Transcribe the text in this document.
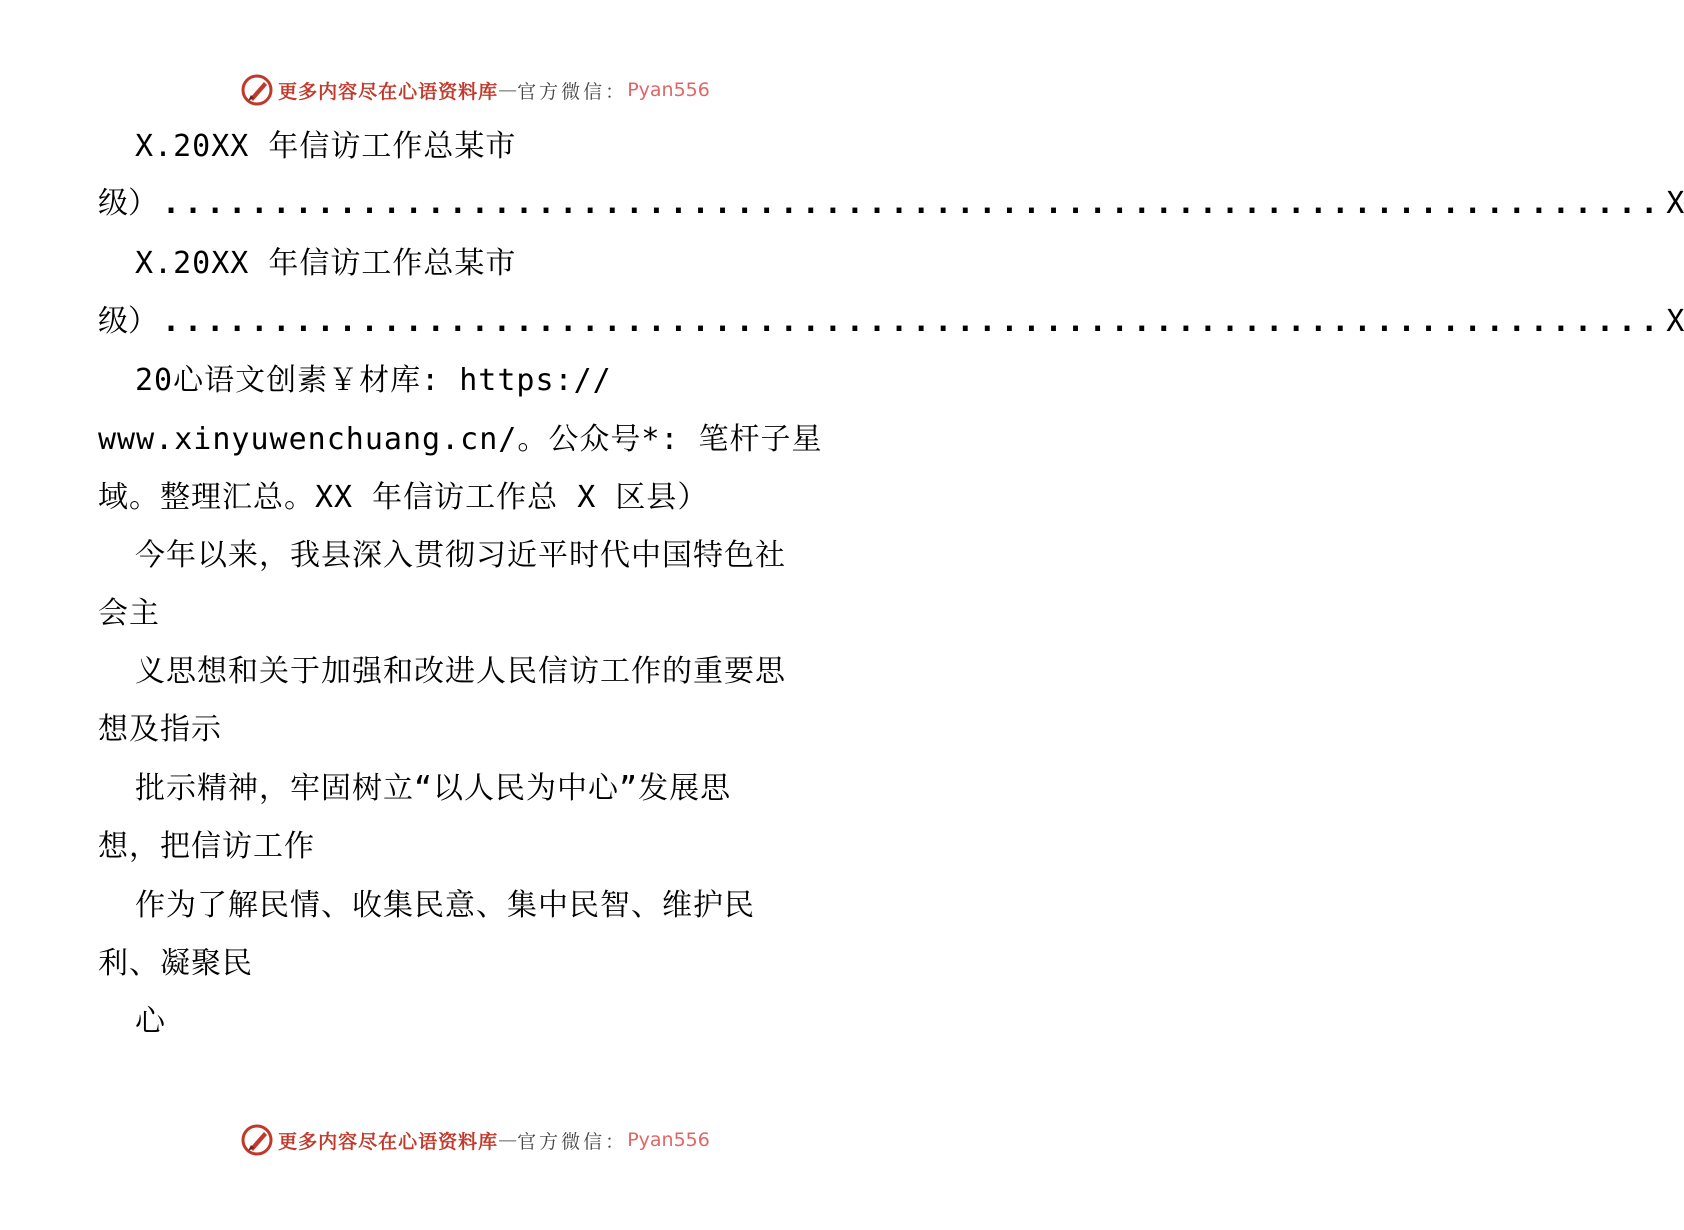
更多内容尽在心语资料库 — 官方微信： Pyan556
X.20XX 年信访工作总某市
级） .................................................................... X
X.20XX 年信访工作总某市
级） .................................................................... X
20心语文创素￥材库: https://
www.xinyuwenchuang.cn/。公众号*: 笔杆子星
域。整理汇总。XX 年信访工作总 X 区县）
今年以来，我县深入贯彻习近平时代中国特色社
会主
义思想和关于加强和改进人民信访工作的重要思
想及指示
批示精神，牢固树立“以人民为中心”发展思
想，把信访工作
作为了解民情、收集民意、集中民智、维护民
利、凝聚民
心
更多内容尽在心语资料库 — 官方微信： Pyan556
